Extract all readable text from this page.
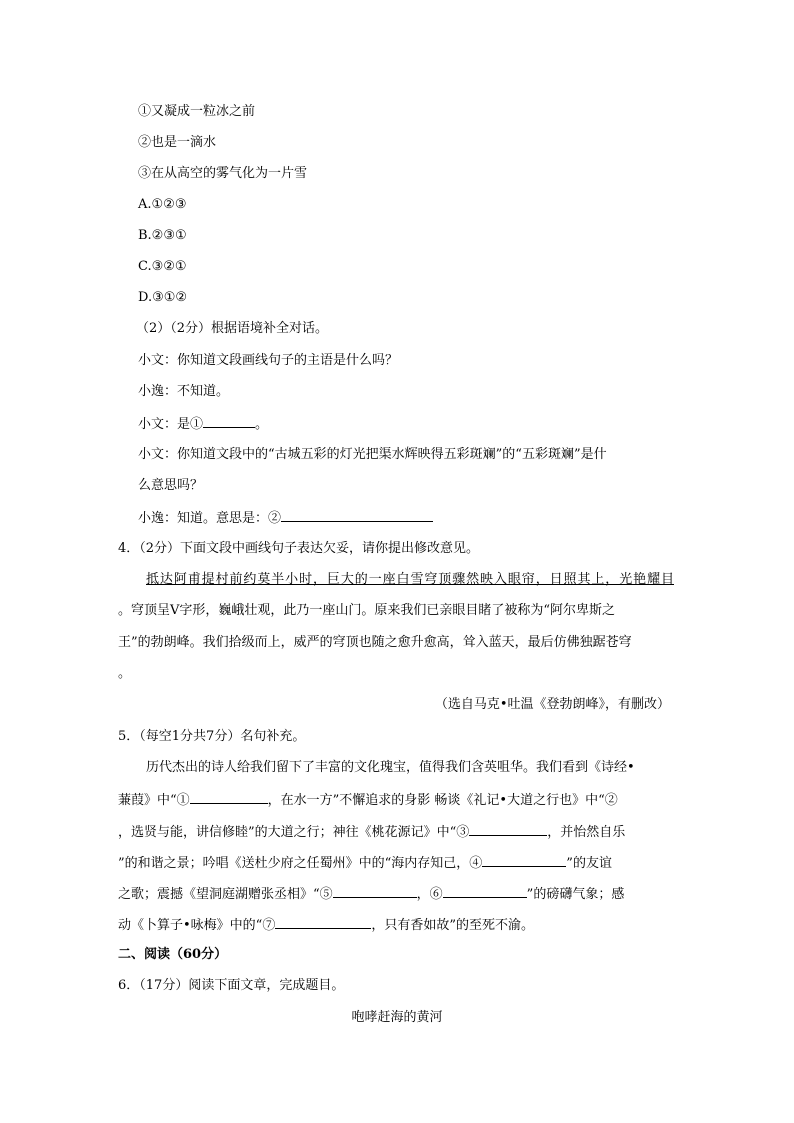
①又凝成一粒冰之前
②也是一滴水
③在从高空的雾气化为一片雪
A.①②③
B.②③①
C.③②①
D.③①②
（2）（2分）根据语境补全对话。
小文：你知道文段画线句子的主语是什么吗？
小逸：不知道。
小文：是①	。
小文：你知道文段中的“古城五彩的灯光把渠水辉映得五彩斑斓”的“五彩斑斓”是什
么意思吗？
小逸：知道。意思是：②
4．（2分）下面文段中画线句子表达欠妥，请你提出修改意见。
抵达阿甫提村前约莫半小时，巨大的一座白雪穹顶骤然映入眼帘，日照其上，光艳耀目
。穹顶呈Ⅴ字形，巍峨壮观，此乃一座山门。原来我们已亲眼目睹了被称为“阿尔卑斯之
王”的勃朗峰。我们拾级而上，威严的穹顶也随之愈升愈高，耸入蓝天，最后仿佛独踞苍穹
。
（选自马克•吐温《登勃朗峰》，有删改）
5．（每空1分共7分）名句补充。
历代杰出的诗人给我们留下了丰富的文化瑰宝，值得我们含英咀华。我们看到《诗经•
蒹葭》中“①	，在水一方”不懈追求的身影 畅谈《礼记•大道之行也》中“②
，选贤与能，讲信修睦”的大道之行；神往《桃花源记》中“③	，并怡然自乐
”的和谐之景；吟唱《送杜少府之任蜀州》中的“海内存知己，④	”的友谊
之歌；震撼《望洞庭湖赠张丞相》“⑤	，⑥	”的磅礴气象；感
动《卜算子•咏梅》中的“⑦	，只有香如故”的至死不渝。
二、阅读（60分）
6．（17分）阅读下面文章，完成题目。
咆哮赶海的黄河
